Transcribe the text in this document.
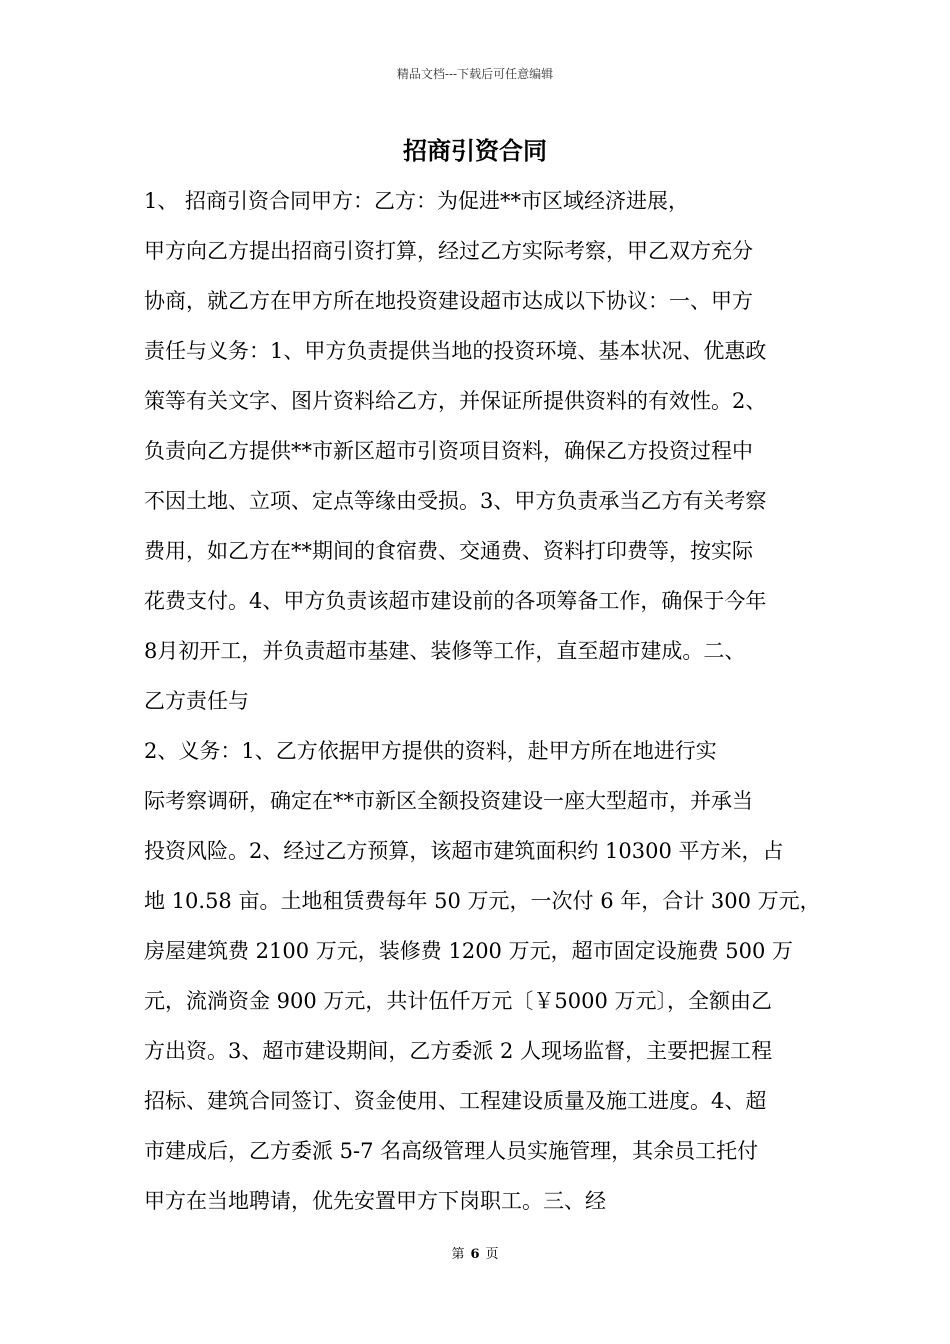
精品文档---下载后可任意编辑
招商引资合同
1、 招商引资合同甲方：乙方：为促进**市区域经济进展，
甲方向乙方提出招商引资打算，经过乙方实际考察，甲乙双方充分
协商，就乙方在甲方所在地投资建设超市达成以下协议：一、甲方
责任与义务：1、甲方负责提供当地的投资环境、基本状况、优惠政
策等有关文字、图片资料给乙方，并保证所提供资料的有效性。2、
负责向乙方提供**市新区超市引资项目资料，确保乙方投资过程中
不因土地、立项、定点等缘由受损。3、甲方负责承当乙方有关考察
费用，如乙方在**期间的食宿费、交通费、资料打印费等，按实际
花费支付。4、甲方负责该超市建设前的各项筹备工作，确保于今年
8月初开工，并负责超市基建、装修等工作，直至超市建成。二、
乙方责任与
2、义务：1、乙方依据甲方提供的资料，赴甲方所在地进行实
际考察调研，确定在**市新区全额投资建设一座大型超市，并承当
投资风险。2、经过乙方预算，该超市建筑面积约 10300 平方米，占
地 10.58 亩。土地租赁费每年 50 万元，一次付 6 年，合计 300 万元，
房屋建筑费 2100 万元，装修费 1200 万元，超市固定设施费 500 万
元，流淌资金 900 万元，共计伍仟万元〔￥5000 万元〕，全额由乙
方出资。3、超市建设期间，乙方委派 2 人现场监督，主要把握工程
招标、建筑合同签订、资金使用、工程建设质量及施工进度。4、超
市建成后，乙方委派 5-7 名高级管理人员实施管理，其余员工托付
甲方在当地聘请，优先安置甲方下岗职工。三、经
第 6 页
